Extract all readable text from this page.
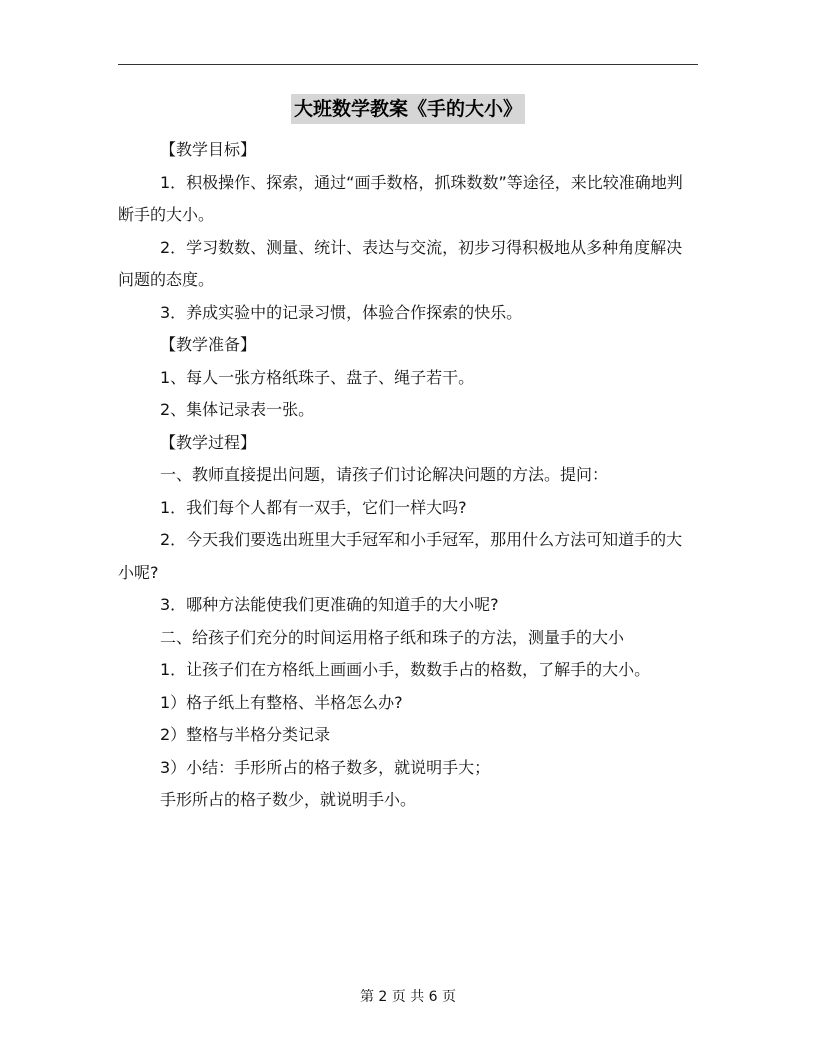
大班数学教案《手的大小》

【教学目标】

1．积极操作、探索，通过“画手数格，抓珠数数”等途径，来比较准确地判断手的大小。

2．学习数数、测量、统计、表达与交流，初步习得积极地从多种角度解决问题的态度。

3．养成实验中的记录习惯，体验合作探索的快乐。

【教学准备】

1、每人一张方格纸珠子、盘子、绳子若干。

2、集体记录表一张。

【教学过程】

一、教师直接提出问题，请孩子们讨论解决问题的方法。提问：

1．我们每个人都有一双手，它们一样大吗?

2．今天我们要选出班里大手冠军和小手冠军，那用什么方法可知道手的大小呢?

3．哪种方法能使我们更准确的知道手的大小呢?

二、给孩子们充分的时间运用格子纸和珠子的方法，测量手的大小

1．让孩子们在方格纸上画画小手，数数手占的格数，了解手的大小。

1）格子纸上有整格、半格怎么办?

2）整格与半格分类记录

3）小结：手形所占的格子数多，就说明手大；

手形所占的格子数少，就说明手小。

第 2 页 共 6 页
